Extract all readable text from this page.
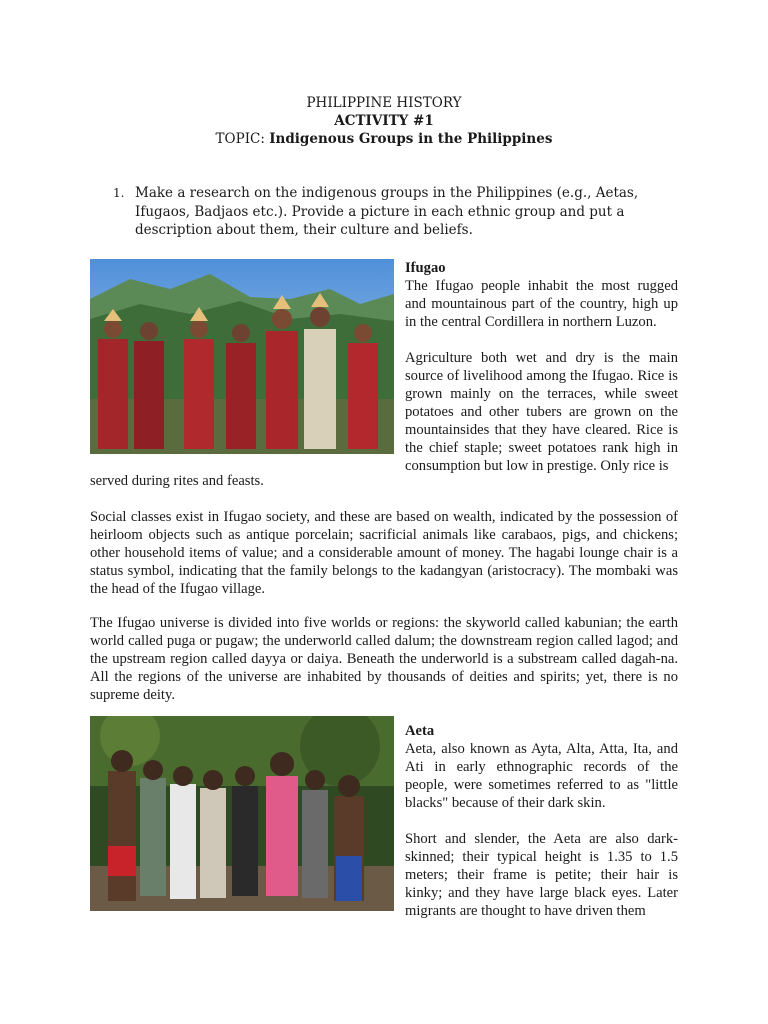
PHILIPPINE HISTORY
ACTIVITY #1
TOPIC: Indigenous Groups in the Philippines
1. Make a research on the indigenous groups in the Philippines (e.g., Aetas, Ifugaos, Badjaos etc.). Provide a picture in each ethnic group and put a description about them, their culture and beliefs.
Ifugao

The Ifugao people inhabit the most rugged and mountainous part of the country, high up in the central Cordillera in northern Luzon.

Agriculture both wet and dry is the main source of livelihood among the Ifugao. Rice is grown mainly on the terraces, while sweet potatoes and other tubers are grown on the mountainsides that they have cleared. Rice is the chief staple; sweet potatoes rank high in consumption but low in prestige. Only rice is

served during rites and feasts.
Social classes exist in Ifugao society, and these are based on wealth, indicated by the possession of heirloom objects such as antique porcelain; sacrificial animals like carabaos, pigs, and chickens; other household items of value; and a considerable amount of money. The hagabi lounge chair is a status symbol, indicating that the family belongs to the kadangyan (aristocracy). The mombaki was the head of the Ifugao village.
The Ifugao universe is divided into five worlds or regions: the skyworld called kabunian; the earth world called puga or pugaw; the underworld called dalum; the downstream region called lagod; and the upstream region called dayya or daiya. Beneath the underworld is a substream called dagah-na. All the regions of the universe are inhabited by thousands of deities and spirits; yet, there is no supreme deity.
Aeta

Aeta, also known as Ayta, Alta, Atta, Ita, and Ati in early ethnographic records of the people, were sometimes referred to as "little blacks" because of their dark skin.

Short and slender, the Aeta are also dark-skinned; their typical height is 1.35 to 1.5 meters; their frame is petite; their hair is kinky; and they have large black eyes. Later migrants are thought to have driven them
